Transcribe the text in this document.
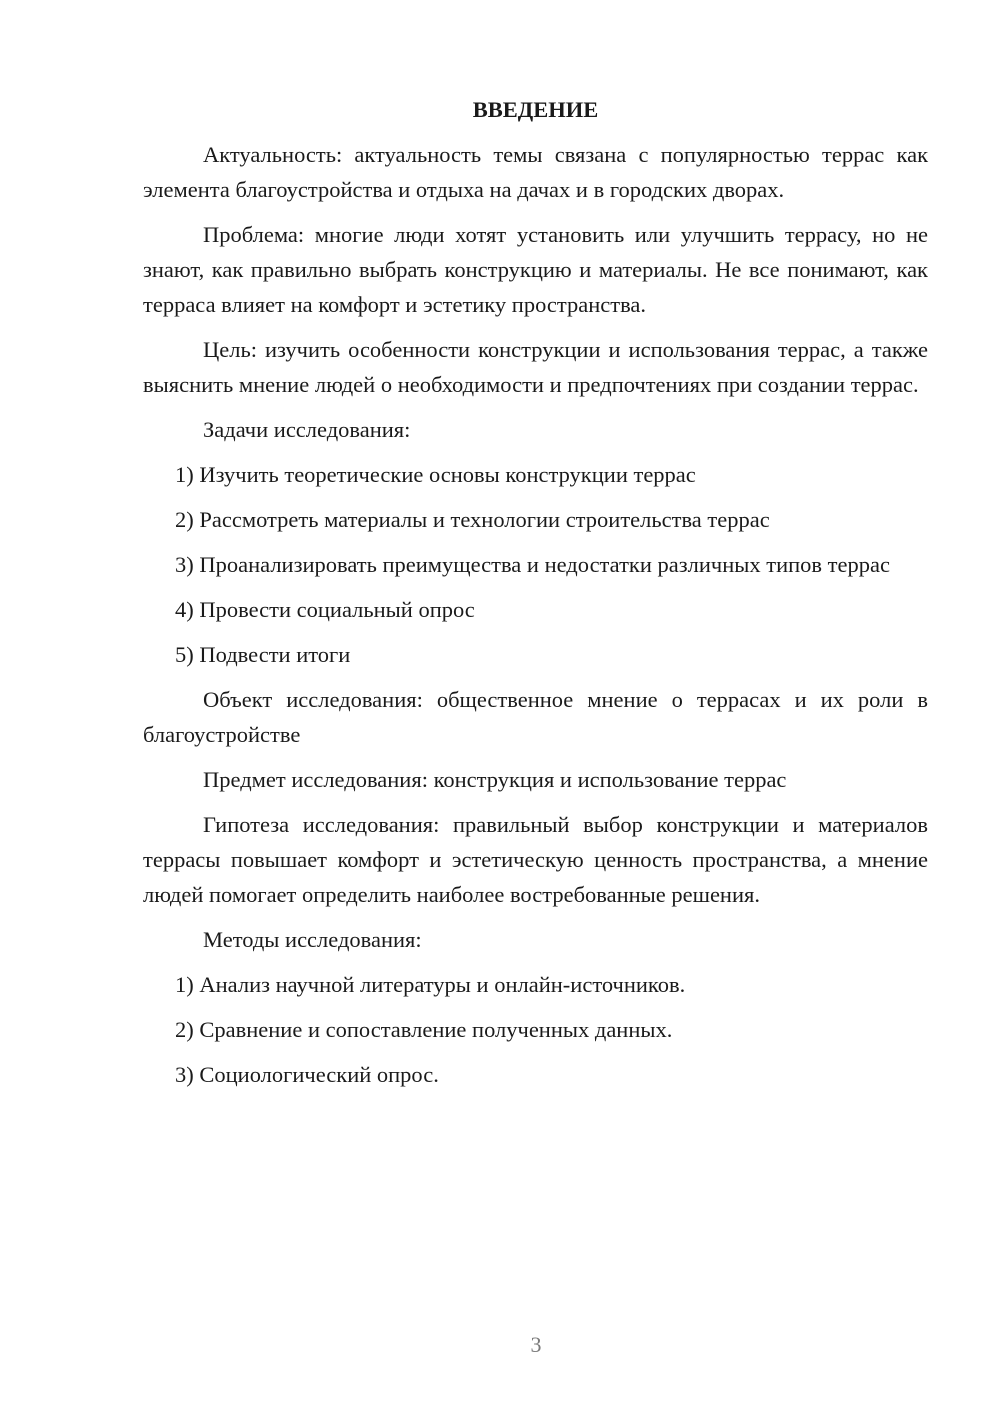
ВВЕДЕНИЕ

Актуальность: актуальность темы связана с популярностью террас как элемента благоустройства и отдыха на дачах и в городских дворах.

Проблема: многие люди хотят установить или улучшить террасу, но не знают, как правильно выбрать конструкцию и материалы. Не все понимают, как терраса влияет на комфорт и эстетику пространства.

Цель: изучить особенности конструкции и использования террас, а также выяснить мнение людей о необходимости и предпочтениях при создании террас.

Задачи исследования:

1) Изучить теоретические основы конструкции террас

2) Рассмотреть материалы и технологии строительства террас

3) Проанализировать преимущества и недостатки различных типов террас

4) Провести социальный опрос

5) Подвести итоги

Объект исследования: общественное мнение о террасах и их роли в благоустройстве

Предмет исследования: конструкция и использование террас

Гипотеза исследования: правильный выбор конструкции и материалов террасы повышает комфорт и эстетическую ценность пространства, а мнение людей помогает определить наиболее востребованные решения.

Методы исследования:

1) Анализ научной литературы и онлайн-источников.

2) Сравнение и сопоставление полученных данных.

3) Социологический опрос.

3
